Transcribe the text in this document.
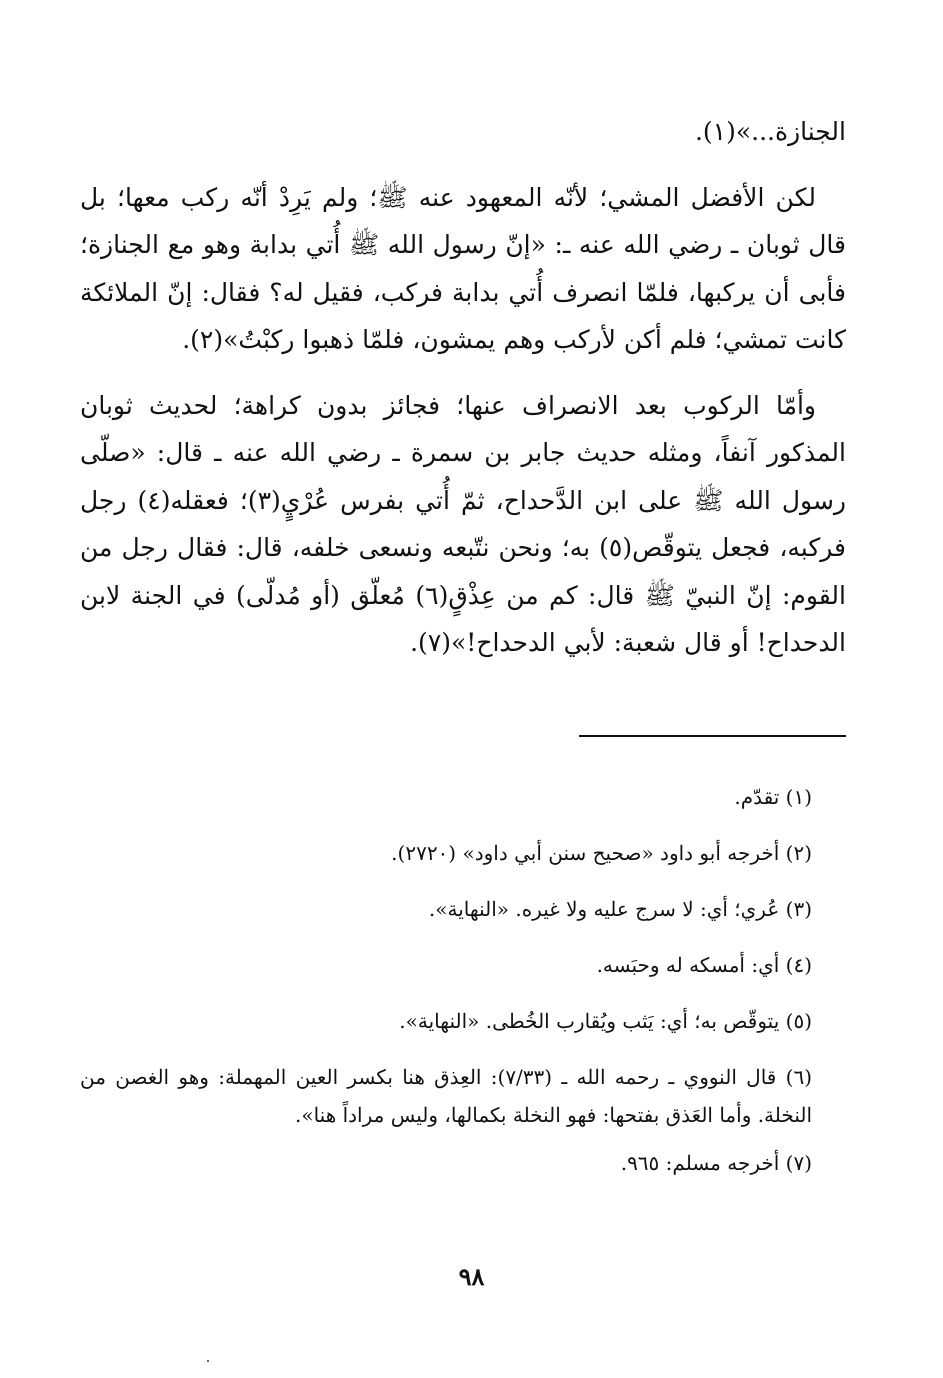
الجنازة...»(١).

لكن الأفضل المشي؛ لأنّه المعهود عنه ﷺ؛ ولم يَرِدْ أنّه ركب معها؛ بل قال ثوبان ـ رضي الله عنه ـ: «إنّ رسول الله ﷺ أُتي بدابة وهو مع الجنازة؛ فأبى أن يركبها، فلمّا انصرف أُتي بدابة فركب، فقيل له؟ فقال: إنّ الملائكة كانت تمشي؛ فلم أكن لأركب وهم يمشون، فلمّا ذهبوا ركبْتُ»(٢).

وأمّا الركوب بعد الانصراف عنها؛ فجائز بدون كراهة؛ لحديث ثوبان المذكور آنفاً، ومثله حديث جابر بن سمرة ـ رضي الله عنه ـ قال: «صلّى رسول الله ﷺ على ابن الدَّحداح، ثمّ أُتي بفرس عُرْيٍ(٣)؛ فعقله(٤) رجل فركبه، فجعل يتوقّص(٥) به؛ ونحن نتّبعه ونسعى خلفه، قال: فقال رجل من القوم: إنّ النبيّ ﷺ قال: كم من عِذْقٍ(٦) مُعلّق (أو مُدلّى) في الجنة لابن الدحداح! أو قال شعبة: لأبي الدحداح!»(٧).

(١) تقدّم.
(٢) أخرجه أبو داود «صحيح سنن أبي داود» (٢٧٢٠).
(٣) عُري؛ أي: لا سرج عليه ولا غيره. «النهاية».
(٤) أي: أمسكه له وحبَسه.
(٥) يتوقّص به؛ أي: يَثب ويُقارب الخُطى. «النهاية».
(٦) قال النووي ـ رحمه الله ـ (٧/٣٣): العِذق هنا بكسر العين المهملة: وهو الغصن من النخلة. وأما العَذق بفتحها: فهو النخلة بكمالها، وليس مراداً هنا».
(٧) أخرجه مسلم: ٩٦٥.
٩٨
